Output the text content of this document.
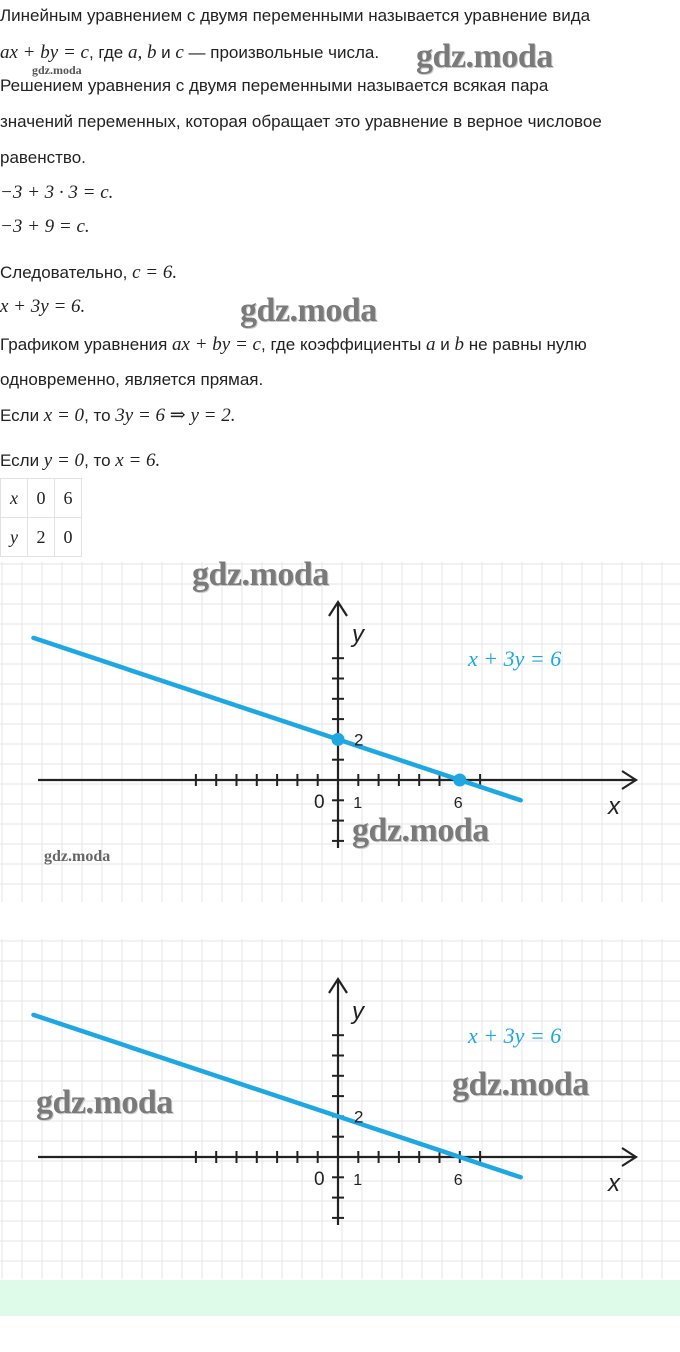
Линейным уравнением с двумя переменными называется уравнение вида
ax + by = c, где a, b и c — произвольные числа. gdz.moda
gdz.moda
Решением уравнения с двумя переменными называется всякая пара
значений переменных, которая обращает это уравнение в верное числовое
равенство.
−3 + 3 · 3 = c.
−3 + 9 = c.
Следовательно, c = 6.
x + 3y = 6.	gdz.moda
Графиком уравнения ax + by = c, где коэффициенты a и b не равны нулю
одновременно, является прямая.
Если x = 0, то 3y = 6 ⇒ y = 2.
Если y = 0, то x = 6.
x	0	6
y	2	0
0 1	6
2
x
y
x + 3y = 6
gdz.moda
gdz.moda
gdz.moda
0 1	6
2
x
y
x + 3y = 6
gdz.moda	gdz.moda
